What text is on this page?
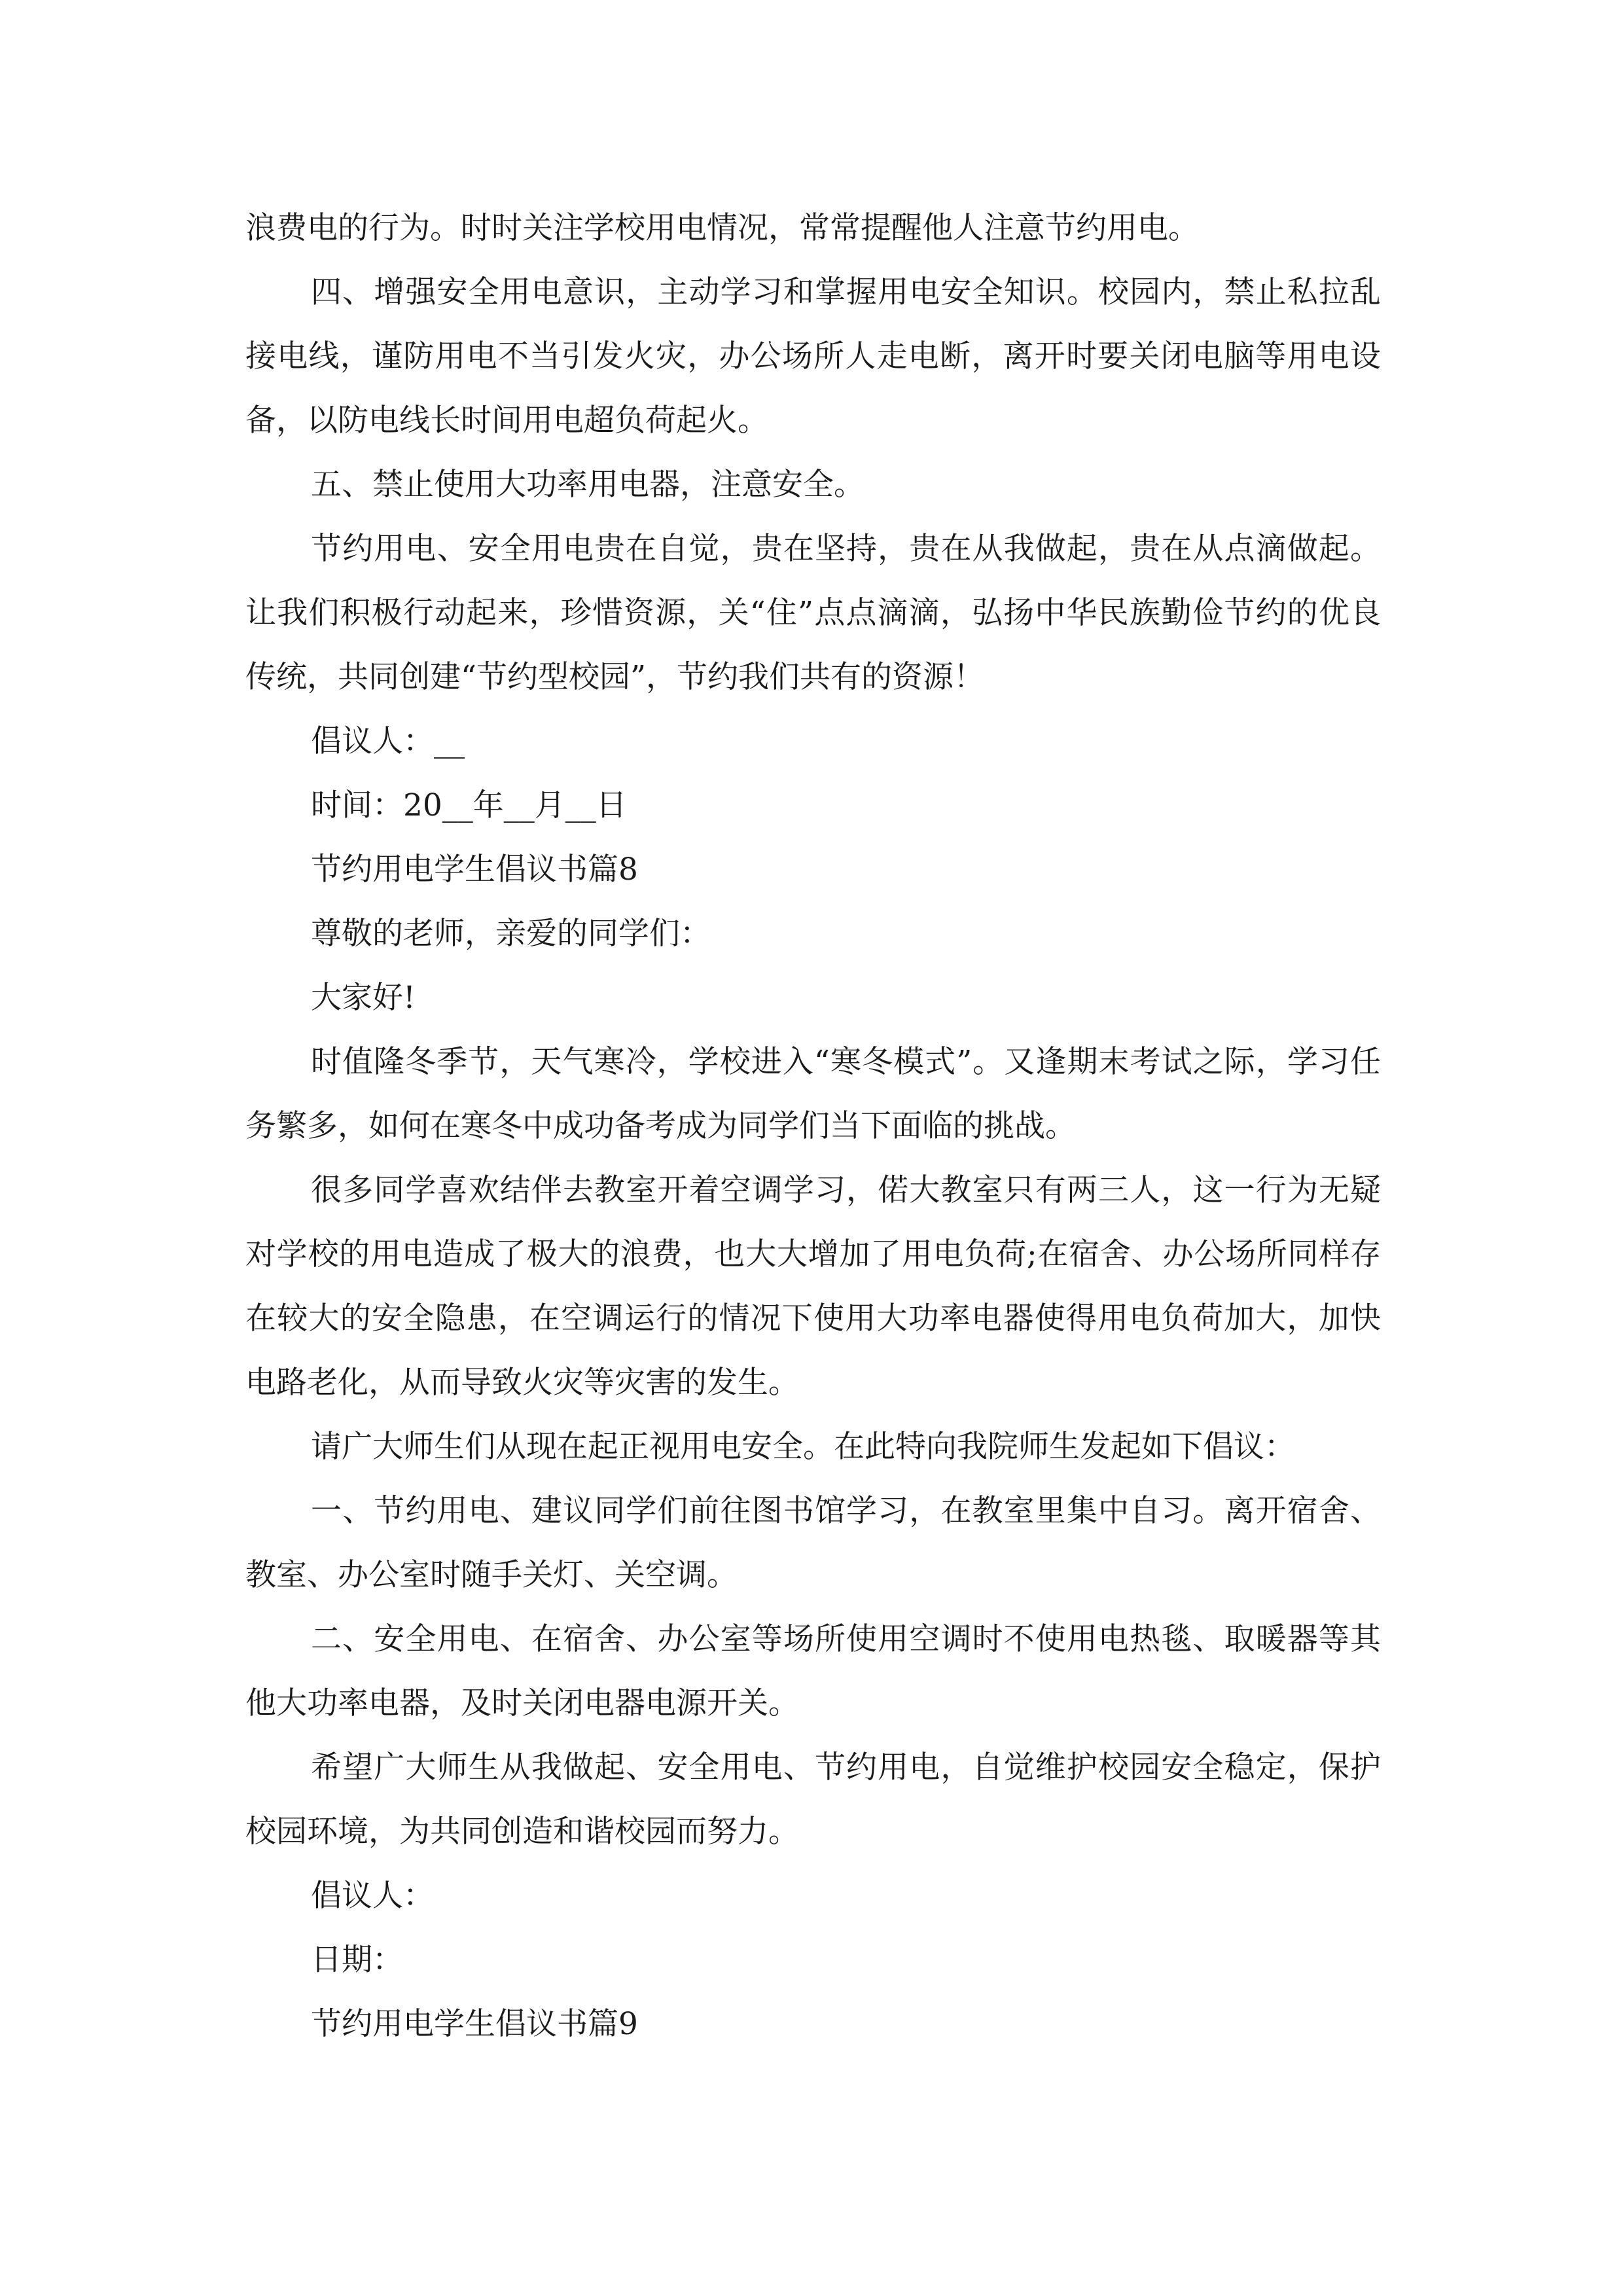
浪费电的行为。时时关注学校用电情况，常常提醒他人注意节约用电。

四、增强安全用电意识，主动学习和掌握用电安全知识。校园内，禁止私拉乱接电线，谨防用电不当引发火灾，办公场所人走电断，离开时要关闭电脑等用电设备，以防电线长时间用电超负荷起火。

五、禁止使用大功率用电器，注意安全。

节约用电、安全用电贵在自觉，贵在坚持，贵在从我做起，贵在从点滴做起。让我们积极行动起来，珍惜资源，关“住”点点滴滴，弘扬中华民族勤俭节约的优良传统，共同创建“节约型校园”，节约我们共有的资源！

倡议人：__

时间：20__年__月__日

节约用电学生倡议书篇8

尊敬的老师，亲爱的同学们：

大家好!

时值隆冬季节，天气寒冷，学校进入“寒冬模式”。又逢期末考试之际，学习任务繁多，如何在寒冬中成功备考成为同学们当下面临的挑战。

很多同学喜欢结伴去教室开着空调学习，偌大教室只有两三人，这一行为无疑对学校的用电造成了极大的浪费，也大大增加了用电负荷;在宿舍、办公场所同样存在较大的安全隐患，在空调运行的情况下使用大功率电器使得用电负荷加大，加快电路老化，从而导致火灾等灾害的发生。

请广大师生们从现在起正视用电安全。在此特向我院师生发起如下倡议：

一、节约用电、建议同学们前往图书馆学习，在教室里集中自习。离开宿舍、教室、办公室时随手关灯、关空调。

二、安全用电、在宿舍、办公室等场所使用空调时不使用电热毯、取暖器等其他大功率电器，及时关闭电器电源开关。

希望广大师生从我做起、安全用电、节约用电，自觉维护校园安全稳定，保护校园环境，为共同创造和谐校园而努力。

倡议人：

日期：

节约用电学生倡议书篇9
